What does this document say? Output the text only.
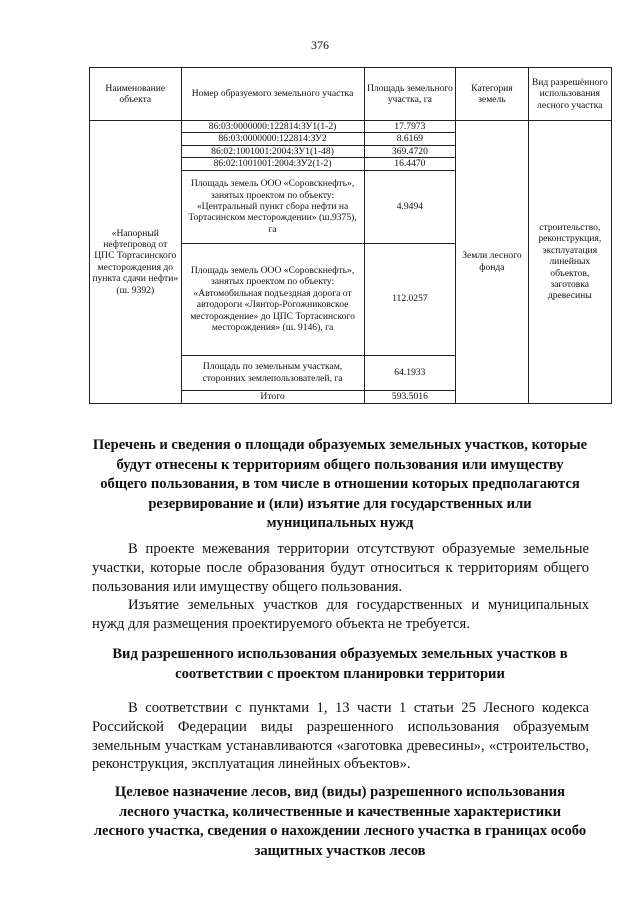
376
Наименование объекта	Номер образуемого земельного участка	Площадь земельного участка, га	Категория земель	Вид разрешённого использования лесного участка
«Напорный нефтепровод от ЦПС Тортасинского месторождения до пункта сдачи нефти» (ш. 9392)	86:03:0000000:122814:ЗУ1(1-2)	17.7973	Земли лесного фонда	строительство, реконструкция, эксплуатация линейных объектов, заготовка древесины
	86:03:0000000:122814:ЗУ2	8.6169		
	86:02:1001001:2004:ЗУ1(1-48)	369.4720		
	86:02:1001001:2004:ЗУ2(1-2)	16.4470		
	Площадь земель ООО «Соровскнефть», занятых проектом по объекту: «Центральный пункт сбора нефти на Тортасинском месторождении» (ш.9375), га	4.9494		
	Площадь земель ООО «Соровскнефть», занятых проектом по объекту: «Автомобильная подъездная дорога от автодороги «Лянтор-Рогожниковское месторождение» до ЦПС Тортасинского месторождения» (ш. 9146), га	112.0257		
	Площадь по земельным участкам, сторонних землепользователей, га	64.1933		
	Итого	593.5016		
Перечень и сведения о площади образуемых земельных участков, которые будут отнесены к территориям общего пользования или имуществу общего пользования, в том числе в отношении которых предполагаются резервирование и (или) изъятие для государственных или муниципальных нужд

В проекте межевания территории отсутствуют образуемые земельные участки, которые после образования будут относиться к территориям общего пользования или имуществу общего пользования.

Изъятие земельных участков для государственных и муниципальных нужд для размещения проектируемого объекта не требуется.

Вид разрешенного использования образуемых земельных участков в соответствии с проектом планировки территории

В соответствии с пунктами 1, 13 части 1 статьи 25 Лесного кодекса Российской Федерации виды разрешенного использования образуемым земельным участкам устанавливаются «заготовка древесины», «строительство, реконструкция, эксплуатация линейных объектов».

Целевое назначение лесов, вид (виды) разрешенного использования лесного участка, количественные и качественные характеристики лесного участка, сведения о нахождении лесного участка в границах особо защитных участков лесов
